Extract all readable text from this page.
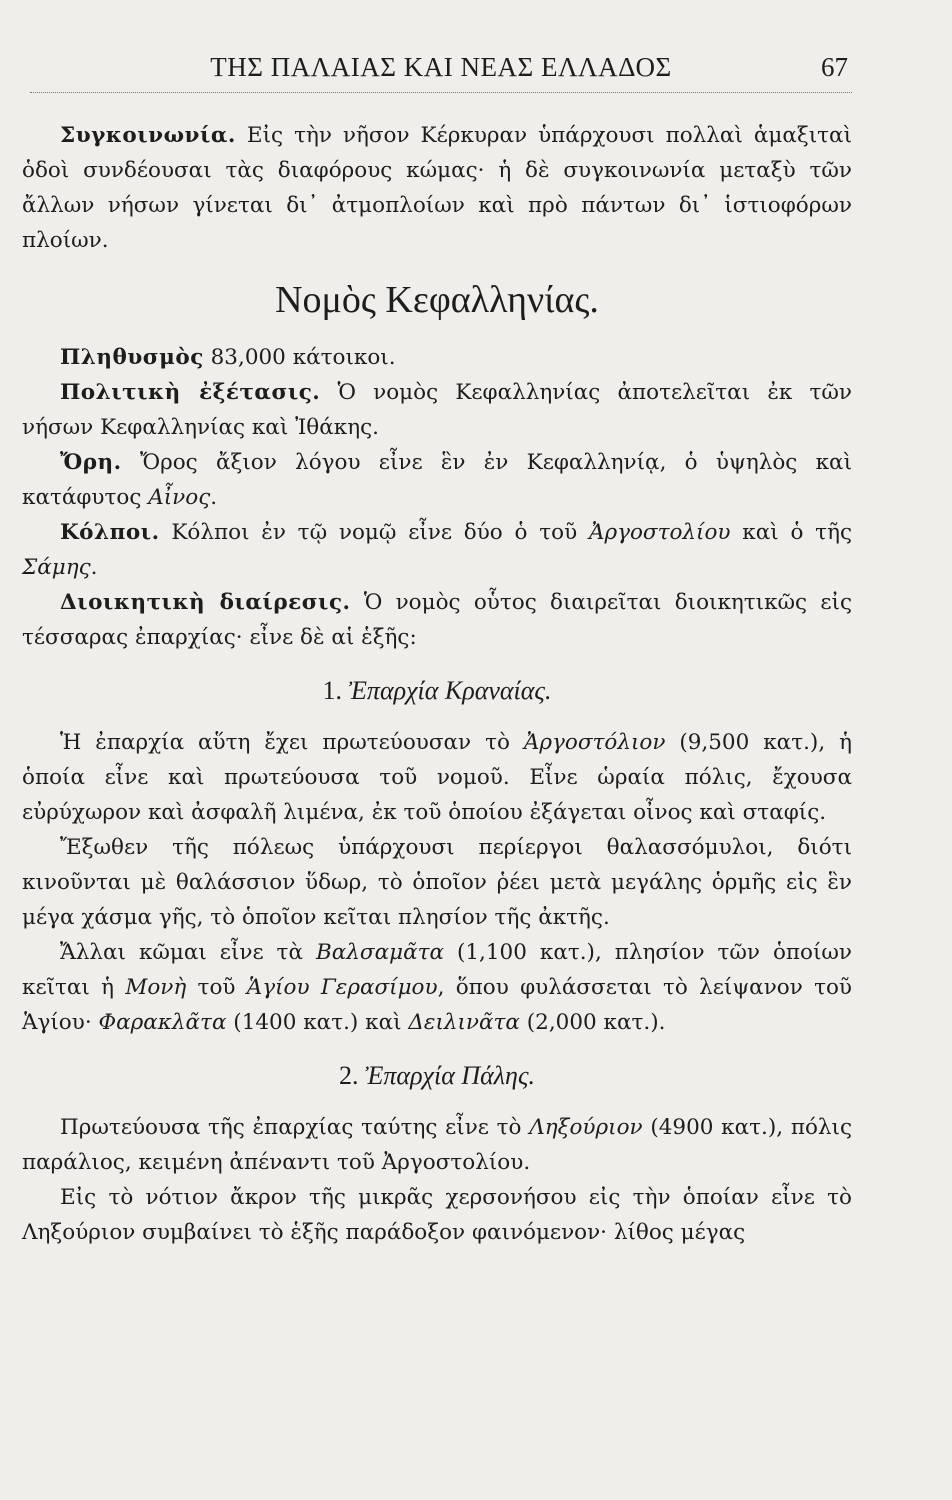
ΤΗΣ ΠΑΛΑΙΑΣ ΚΑΙ ΝΕΑΣ ΕΛΛΑΔΟΣ	67

Συγκοινωνία. Εἰς τὴν νῆσον Κέρκυραν ὑπάρχουσι πολλαὶ ἁμαξιταὶ ὁδοὶ συνδέουσαι τὰς διαφόρους κώμας· ἡ δὲ συγκοινωνία μεταξὺ τῶν ἄλλων νήσων γίνεται δι᾽ ἀτμοπλοίων καὶ πρὸ πάντων δι᾽ ἱστιοφόρων πλοίων.

Νομὸς Κεφαλληνίας.

Πληθυσμὸς 83,000 κάτοικοι.

Πολιτικὴ ἐξέτασις. Ὁ νομὸς Κεφαλληνίας ἀποτελεῖται ἐκ τῶν νήσων Κεφαλληνίας καὶ Ἰθάκης.

Ὄρη. Ὄρος ἄξιον λόγου εἶνε ἓν ἐν Κεφαλληνίᾳ, ὁ ὑψηλὸς καὶ κατάφυτος Αἶνος.

Κόλποι. Κόλποι ἐν τῷ νομῷ εἶνε δύο ὁ τοῦ Ἀργοστολίου καὶ ὁ τῆς Σάμης.

Διοικητικὴ διαίρεσις. Ὁ νομὸς οὗτος διαιρεῖται διοικητικῶς εἰς τέσσαρας ἐπαρχίας· εἶνε δὲ αἱ ἑξῆς:

1. Ἐπαρχία Κραναίας.

Ἡ ἐπαρχία αὕτη ἔχει πρωτεύουσαν τὸ Ἀργοστόλιον (9,500 κατ.), ἡ ὁποία εἶνε καὶ πρωτεύουσα τοῦ νομοῦ. Εἶνε ὡραία πόλις, ἔχουσα εὐρύχωρον καὶ ἀσφαλῆ λιμένα, ἐκ τοῦ ὁποίου ἐξάγεται οἶνος καὶ σταφίς.

Ἔξωθεν τῆς πόλεως ὑπάρχουσι περίεργοι θαλασσόμυλοι, διότι κινοῦνται μὲ θαλάσσιον ὕδωρ, τὸ ὁποῖον ῥέει μετὰ μεγάλης ὁρμῆς εἰς ἓν μέγα χάσμα γῆς, τὸ ὁποῖον κεῖται πλησίον τῆς ἀκτῆς.

Ἄλλαι κῶμαι εἶνε τὰ Βαλσαμᾶτα (1,100 κατ.), πλησίον τῶν ὁποίων κεῖται ἡ Μονὴ τοῦ Ἁγίου Γερασίμου, ὅπου φυλάσσεται τὸ λείψανον τοῦ Ἁγίου· Φαρακλᾶτα (1400 κατ.) καὶ Δειλινᾶτα (2,000 κατ.).

2. Ἐπαρχία Πάλης.

Πρωτεύουσα τῆς ἐπαρχίας ταύτης εἶνε τὸ Ληξούριον (4900 κατ.), πόλις παράλιος, κειμένη ἀπέναντι τοῦ Ἀργοστολίου.

Εἰς τὸ νότιον ἄκρον τῆς μικρᾶς χερσονήσου εἰς τὴν ὁποίαν εἶνε τὸ Ληξούριον συμβαίνει τὸ ἑξῆς παράδοξον φαινόμενον· λίθος μέγας
